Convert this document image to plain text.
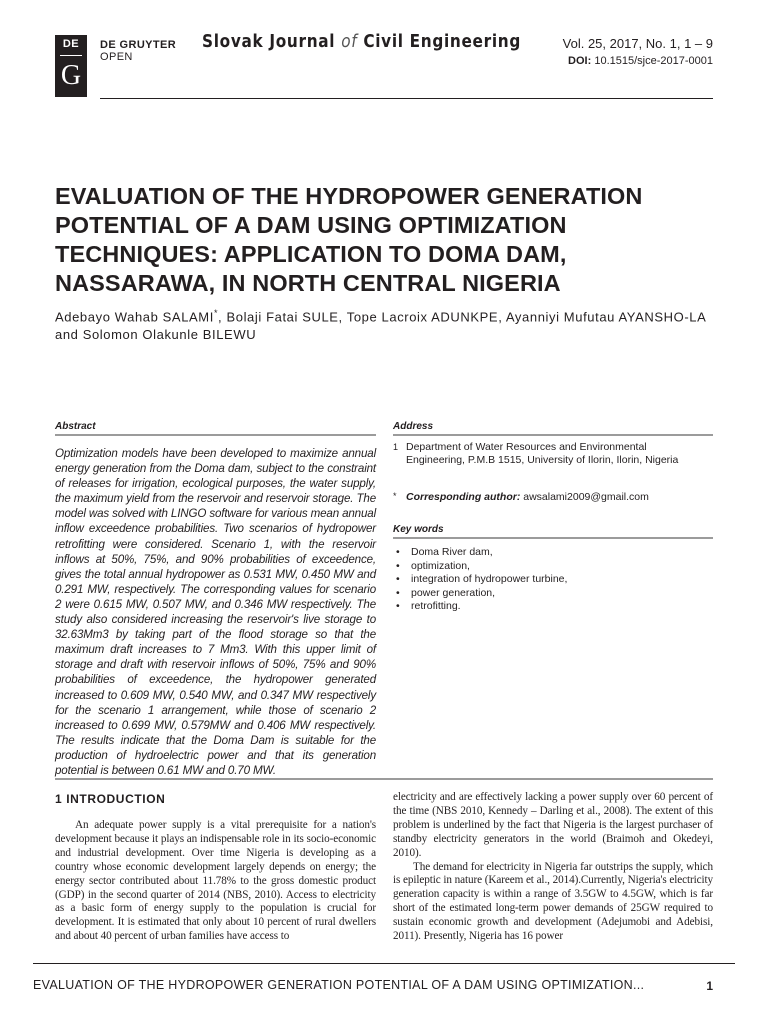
DE
G
DE GRUYTER
OPEN
Slovak Journal of Civil Engineering	Vol. 25, 2017, No. 1, 1 – 9
DOI: 10.1515/sjce-2017-0001
EVALUATION OF THE HYDROPOWER GENERATION
POTENTIAL OF A DAM USING OPTIMIZATION
TECHNIQUES: APPLICATION TO DOMA DAM,
NASSARAWA, IN NORTH CENTRAL NIGERIA
Adebayo Wahab SALAMI*, Bolaji Fatai SULE, Tope Lacroix ADUNKPE, Ayanniyi Mufutau AYANSHO-LA and Solomon Olakunle BILEWU
Abstract
Optimization models have been developed to maximize annual energy generation from the Doma dam, subject to the constraint of releases for irrigation, ecological purposes, the water supply, the maximum yield from the reservoir and reservoir storage. The model was solved with LINGO software for various mean annual inflow exceedence probabilities. Two scenarios of hydropower retrofitting were considered. Scenario 1, with the reservoir inflows at 50%, 75%, and 90% probabilities of exceedence, gives the total annual hydropower as 0.531 MW, 0.450 MW and 0.291 MW, respectively. The corresponding values for scenario 2 were 0.615 MW, 0.507 MW, and 0.346 MW respectively. The study also considered increasing the reservoir's live storage to 32.63Mm3 by taking part of the flood storage so that the maximum draft increases to 7 Mm3. With this upper limit of storage and draft with reservoir inflows of 50%, 75% and 90% probabilities of exceedence, the hydropower generated increased to 0.609 MW, 0.540 MW, and 0.347 MW respectively for the scenario 1 arrangement, while those of scenario 2 increased to 0.699 MW, 0.579MW and 0.406 MW respectively. The results indicate that the Doma Dam is suitable for the production of hydroelectric power and that its generation potential is between 0.61 MW and 0.70 MW.
Address
1 Department of Water Resources and Environmental
Engineering, P.M.B 1515, University of Ilorin, Ilorin, Nigeria
* Corresponding author: awsalami2009@gmail.com
Key words
• Doma River dam,
• optimization,
• integration of hydropower turbine,
• power generation,
• retrofitting.
1 INTRODUCTION

An adequate power supply is a vital prerequisite for a nation's development because it plays an indispensable role in its socio-economic and industrial development. Over time Nigeria is developing as a country whose economic development largely depends on energy; the energy sector contributed about 11.78% to the gross domestic product (GDP) in the second quarter of 2014 (NBS, 2010). Access to electricity as a basic form of energy supply to the population is crucial for development. It is estimated that only about 10 percent of rural dwellers and about 40 percent of urban families have access to

electricity and are effectively lacking a power supply over 60 percent of the time (NBS 2010, Kennedy – Darling et al., 2008). The extent of this problem is underlined by the fact that Nigeria is the largest purchaser of standby electricity generators in the world (Braimoh and Okedeyi, 2010).

The demand for electricity in Nigeria far outstrips the supply, which is epileptic in nature (Kareem et al., 2014).Currently, Nigeria's electricity generation capacity is within a range of 3.5GW to 4.5GW, which is far short of the estimated long-term power demands of 25GW required to sustain economic growth and development (Adejumobi and Adebisi, 2011). Presently, Nigeria has 16 power

EVALUATION OF THE HYDROPOWER GENERATION POTENTIAL OF A DAM USING OPTIMIZATION...	1
